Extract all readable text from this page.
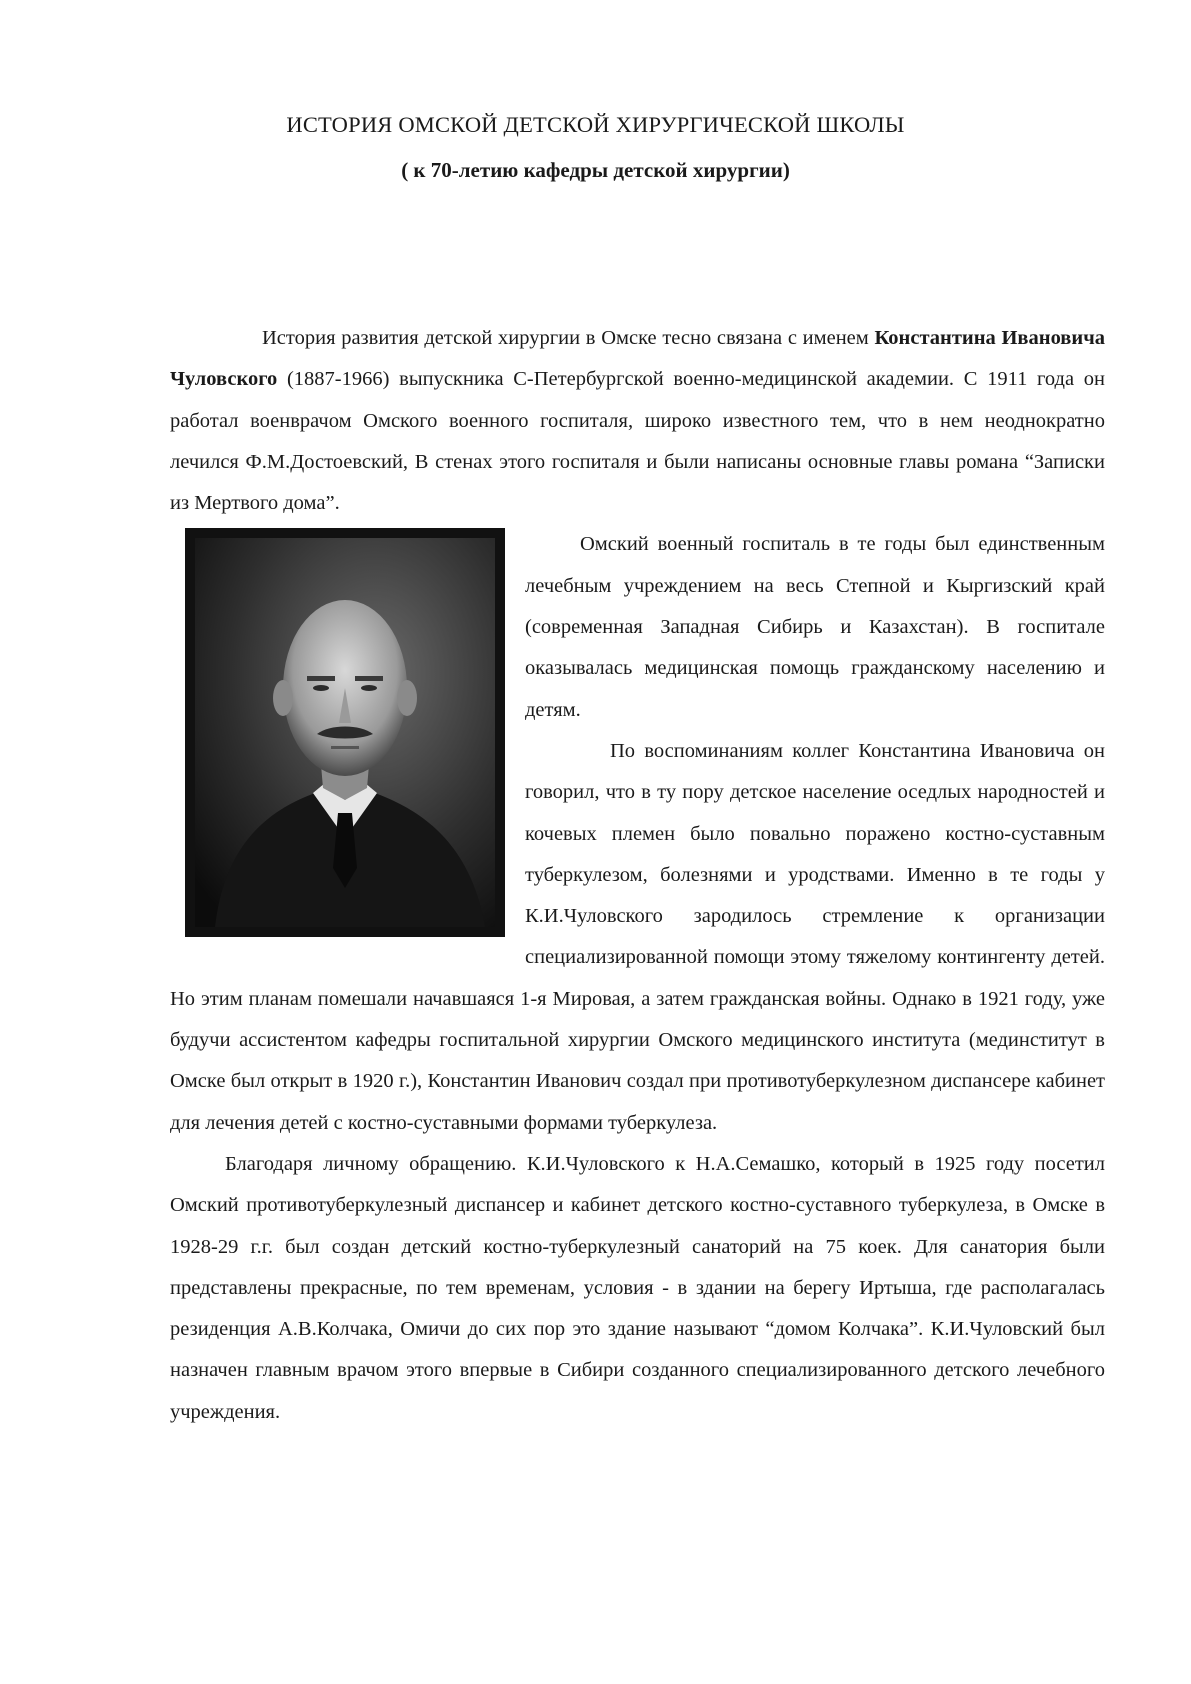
ИСТОРИЯ ОМСКОЙ ДЕТСКОЙ ХИРУРГИЧЕСКОЙ ШКОЛЫ
( к 70-летию кафедры детской хирургии)

История развития детской хирургии в Омске тесно связана с именем Константина Ивановича Чуловского (1887-1966) выпускника С-Петербургской военно-медицинской академии. С 1911 года он работал военврачом Омского военного госпиталя, широко известного тем, что в нем неоднократно лечился Ф.М.Достоевский, В стенах этого госпиталя и были написаны основные главы романа “Записки из Мертвого дома”.

Омский военный госпиталь в те годы был единственным лечебным учреждением на весь Степной и Кыргизский край (современная Западная Сибирь и Казахстан). В госпитале оказывалась медицинская помощь гражданскому населению и детям.

По воспоминаниям коллег Константина Ивановича он говорил, что в ту пору детское население оседлых народностей и кочевых племен было повально поражено костно-суставным туберкулезом, болезнями и уродствами. Именно в те годы у К.И.Чуловского зародилось стремление к организации специализированной помощи этому тяжелому контингенту детей. Но этим планам помешали начавшаяся 1-я Мировая, а затем гражданская войны. Однако в 1921 году, уже будучи ассистентом кафедры госпитальной хирургии Омского медицинского института (мединститут в Омске был открыт в 1920 г.), Константин Иванович создал при противотуберкулезном диспансере кабинет для лечения детей с костно-суставными формами туберкулеза.

Благодаря личному обращению. К.И.Чуловского к Н.А.Семашко, который в 1925 году посетил Омский противотуберкулезный диспансер и кабинет детского костно-суставного туберкулеза, в Омске в 1928-29 г.г. был создан детский костно-туберкулезный санаторий на 75 коек. Для санатория были представлены прекрасные, по тем временам, условия - в здании на берегу Иртыша, где располагалась резиденция А.В.Колчака, Омичи до сих пор это здание называют “домом Колчака”. К.И.Чуловский был назначен главным врачом этого впервые в Сибири созданного специализированного детского лечебного учреждения.
